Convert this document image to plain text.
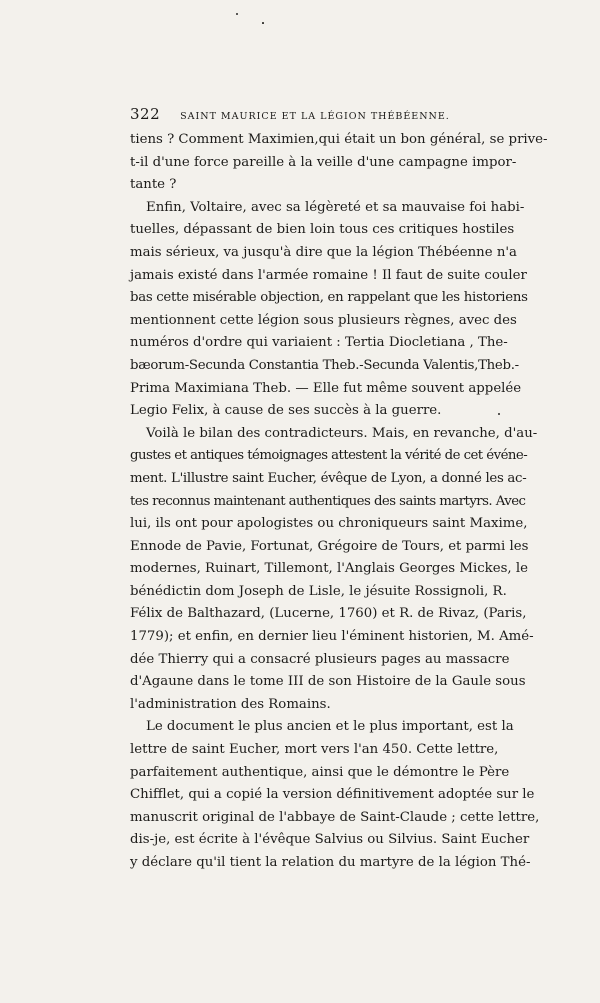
322 SAINT MAURICE ET LA LÉGION THÉBÉENNE.
tiens ? Comment Maximien,qui était un bon général, se prive-
t-il d'une force pareille à la veille d'une campagne impor-
tante ?
Enfin, Voltaire, avec sa légèreté et sa mauvaise foi habi-
tuelles, dépassant de bien loin tous ces critiques hostiles
mais sérieux, va jusqu'à dire que la légion Thébéenne n'a
jamais existé dans l'armée romaine ! Il faut de suite couler
bas cette misérable objection, en rappelant que les historiens
mentionnent cette légion sous plusieurs règnes, avec des
numéros d'ordre qui variaient : Tertia Diocletiana , The-
bæorum-Secunda Constantia Theb.-Secunda Valentis,Theb.-
Prima Maximiana Theb. — Elle fut même souvent appelée
Legio Felix, à cause de ses succès à la guerre.
Voilà le bilan des contradicteurs. Mais, en revanche, d'au-
gustes et antiques témoignages attestent la vérité de cet événe-
ment. L'illustre saint Eucher, évêque de Lyon, a donné les ac-
tes reconnus maintenant authentiques des saints martyrs. Avec
lui, ils ont pour apologistes ou chroniqueurs saint Maxime,
Ennode de Pavie, Fortunat, Grégoire de Tours, et parmi les
modernes, Ruinart, Tillemont, l'Anglais Georges Mickes, le
bénédictin dom Joseph de Lisle, le jésuite Rossignoli, R.
Félix de Balthazard, (Lucerne, 1760) et R. de Rivaz, (Paris,
1779); et enfin, en dernier lieu l'éminent historien, M. Amé-
dée Thierry qui a consacré plusieurs pages au massacre
d'Agaune dans le tome III de son Histoire de la Gaule sous
l'administration des Romains.
Le document le plus ancien et le plus important, est la
lettre de saint Eucher, mort vers l'an 450. Cette lettre,
parfaitement authentique, ainsi que le démontre le Père
Chifflet, qui a copié la version définitivement adoptée sur le
manuscrit original de l'abbaye de Saint-Claude ; cette lettre,
dis-je, est écrite à l'évêque Salvius ou Silvius. Saint Eucher
y déclare qu'il tient la relation du martyre de la légion Thé-
